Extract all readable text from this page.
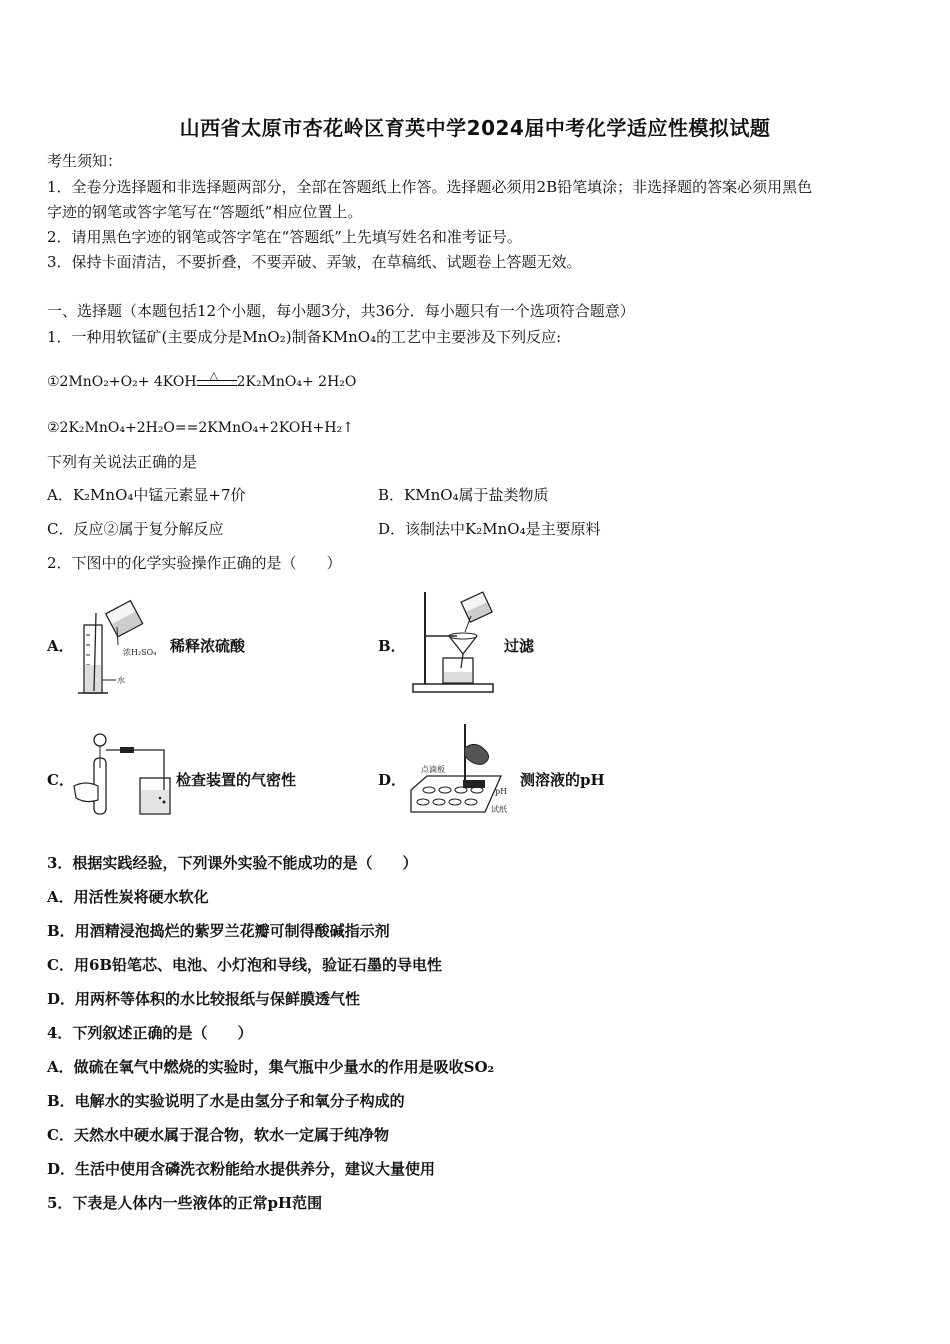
山西省太原市杏花岭区育英中学2024届中考化学适应性模拟试题
考生须知：
1．全卷分选择题和非选择题两部分，全部在答题纸上作答。选择题必须用2B铅笔填涂；非选择题的答案必须用黑色
字迹的钢笔或答字笔写在“答题纸”相应位置上。
2．请用黑色字迹的钢笔或答字笔在“答题纸”上先填写姓名和准考证号。
3．保持卡面清洁，不要折叠，不要弄破、弄皱，在草稿纸、试题卷上答题无效。
一、选择题（本题包括12个小题，每小题3分，共36分．每小题只有一个选项符合题意）
1．一种用软锰矿(主要成分是MnO₂)制备KMnO₄的工艺中主要涉及下列反应:
①2MnO₂+O₂+ 4KOH △ 2K₂MnO₄+ 2H₂O
②2K₂MnO₄+2H₂O==2KMnO₄+2KOH+H₂↑
下列有关说法正确的是
A．K₂MnO₄中锰元素显+7价	B．KMnO₄属于盐类物质
C．反应②属于复分解反应	D．该制法中K₂MnO₄是主要原料
2．下图中的化学实验操作正确的是（　　）
A．	浓H₂SO₄
水
稀释浓硫酸	B．	过滤
C．	检查装置的气密性	D．
点滴板
pH
试纸
测溶液的pH
3．根据实践经验，下列课外实验不能成功的是（　　）
A．用活性炭将硬水软化
B．用酒精浸泡捣烂的紫罗兰花瓣可制得酸碱指示剂
C．用6B铅笔芯、电池、小灯泡和导线，验证石墨的导电性
D．用两杯等体积的水比较报纸与保鲜膜透气性
4．下列叙述正确的是（　　）
A．做硫在氧气中燃烧的实验时，集气瓶中少量水的作用是吸收SO₂
B．电解水的实验说明了水是由氢分子和氧分子构成的
C．天然水中硬水属于混合物，软水一定属于纯净物
D．生活中使用含磷洗衣粉能给水提供养分，建议大量使用
5．下表是人体内一些液体的正常pH范围
